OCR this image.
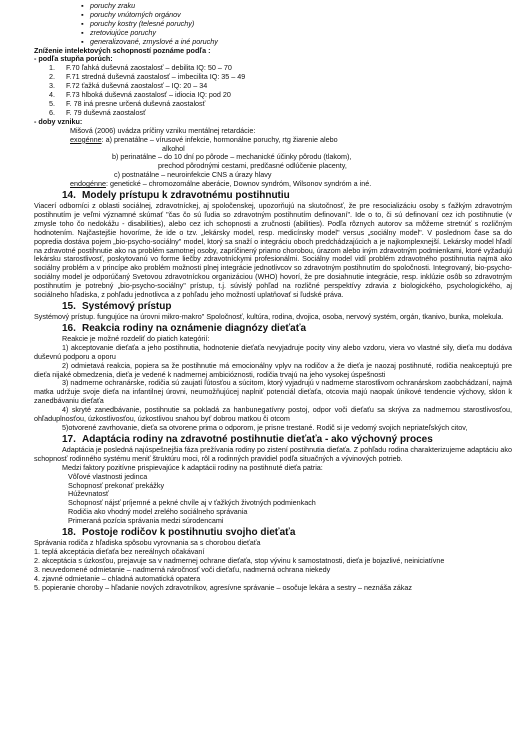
▪ poruchy zraku
▪ poruchy vnútorných orgánov
▪ poruchy kostry (telesné poruchy)
▪ zretoviujúce poruchy
▪ generalizované, zmyslové a iné poruchy

Zníženie intelektových schopností poznáme podľa :

- podľa stupňa porúch:

1.	F.70 ľahká duševná zaostalosť – debilita IQ: 50 – 70
2.	F.71 stredná duševná zaostalosť – imbecilita IQ: 35 – 49
3.	F.72 ťažká duševná zaostalosť – IQ: 20 – 34
4.	F.73 hlboká duševná zaostalosť – idiocia IQ: pod 20
5.	F. 78 iná presne určená duševná zaostalosť
6.	F. 79 duševná zaostalosť

- doby vzniku:

Mišová (2006) uvádza príčiny vzniku mentálnej retardácie:

exogénne: a) prenatálne – vírusové infekcie, hormonálne poruchy, rtg žiarenie alebo

alkohol

b) perinatálne – do 10 dní po pôrode – mechanické účinky pôrodu (tlakom),

prechod pôrodnými cestami, predčasné odlúčenie placenty,

c) postnatálne – neuroinfekcie CNS a úrazy hlavy

endogénne: genetické – chromozomálne aberácie, Downov syndróm, Wilsonov syndróm a iné.

14. Modely prístupu k zdravotnému postihnutiu

Viacerí odborníci z oblasti sociálnej, zdravotníckej, aj spoločenskej, upozorňujú na skutočnosť, že pre resocializáciu osoby s ťažkým zdravotným postihnutím je veľmi významné skúmať "čas čo sú ľudia so zdravotným postihnutím definovaní". Ide o to, či sú definovaní cez ich postihnutie (v zmysle toho čo nedokážu - disabilities), alebo cez ich schopnosti a zručnosti (abilities). Podľa rôznych autorov sa môžeme stretnúť s rozličným hodnotením. Najčastejšie hovoríme, že ide o tzv. „lekársky model, resp. medicínsky model" versus „sociálny model". V poslednom čase sa do popredia dostáva pojem „bio-psycho-sociálny" model, ktorý sa snaží o integráciu oboch predchádzajúcich a je najkomplexnejší. Lekársky model hľadí na zdravotné postihnutie ako na problém samotnej osoby, zapríčinený priamo chorobou, úrazom alebo iným zdravotným podmienkami, ktoré vyžadujú lekársku starostlivosť, poskytovanú vo forme liečby zdravotníckymi profesionálmi. Sociálny model vidí problém zdravotného postihnutia najmä ako sociálny problém a v princípe ako problém možnosti plnej integrácie jednotlivcov so zdravotným postihnutím do spoločnosti. Integrovaný, bio-psycho-sociálny model je odporúčaný Svetovou zdravotníckou organizáciou (WHO) hovorí, že pre dosiahnutie integrácie, resp. inklúzie osôb so zdravotným postihnutím je potrebný „bio-psycho-sociálny" prístup, t.j. súvislý pohľad na rozličné perspektívy zdravia z biologického, psychologického, aj sociálneho hľadiska, z pohľadu jednotlivca a z pohľadu jeho možností uplatňovať si ľudské práva.

15. Systémový prístup

Systémový prístup. fungujúce na úrovni mikro-makro" Spoločnosť, kultúra, rodina, dvojica, osoba, nervový systém, orgán, tkanivo, bunka, molekula.

16. Reakcia rodiny na oznámenie diagnózy dieťaťa

Reakcie je možné rozdeliť do piatich kategórií:

1) akceptovanie dieťaťa a jeho postihnutia, hodnotenie dieťaťa nevyjadruje pocity viny alebo vzdoru, viera vo vlastné sily, dieťa mu dodáva duševnú podporu a oporu

2) odmietavá reakcia, popiera sa že postihnutie má emocionálny vplyv na rodičov a že dieťa je naozaj postihnuté, rodičia neakceptujú pre dieťa nijaké obmedzenia, dieťa je vedené k nadmernej ambicióznosti, rodičia trvajú na jeho vysokej úspešnosti

3) nadmerne ochranárske, rodičia sú zaujatí ľútosťou a súcitom, ktorý vyjadrujú v nadmerne starostlivom ochranárskom zaobchádzaní, najmä matka udržuje svoje dieťa na infantilnej úrovni, neumožňujúcej naplniť potenciál dieťaťa, otcovia majú naopak únikové tendencie výchovy, sklon k zanedbávaniu dieťaťa

4) skryté zanedbávanie, postihnutie sa pokladá za hanbunegatívny postoj, odpor voči dieťaťu sa skrýva za nadmernou starostlivosťou, ohľaduplnosťou, úzkostlivosťou, úzkostlivou snahou byť dobrou matkou či otcom

5)otvorené zavrhovanie, dieťa sa otvorene prima o odporom, je prisne trestané. Rodič si je vedomý svojich nepriateľských citov,

17. Adaptácia rodiny na zdravotné postihnutie dieťaťa - ako výchovný proces

Adaptácia je posledná najúspešnejšia fáza prežívania rodiny po zistení postihnutia dieťaťa. Z pohľadu rodina charakterizujeme adaptáciu ako schopnosť rodinného systému meniť štruktúru moci, rôl a rodinných pravidiel podľa situačných a vývinových potrieb.

Medzi faktory pozitívne prispievajúce k adaptácii rodiny na postihnuté dieťa patria:

Vôľové vlastnosti jedinca
Schopnosť prekonať prekážky
Húževnatosť
Schopnosť nájsť príjemné a pekné chvíle aj v ťažkých životných podmienkach
Rodičia ako vhodný model zrelého sociálneho správania
Primeraná pozícia správania medzi súrodencami

18. Postoje rodičov k postihnutiu svojho dieťaťa

Správania rodiča z hľadiska spôsobu vyrovnania sa s chorobou dieťaťa

1. teplá akceptácia dieťaťa bez nereálnych očakávaní
2. akceptácia s úzkosťou, prejavuje sa v nadmernej ochrane dieťaťa, stop vývinu k samostatnosti, dieťa je bojazlivé, neiniciatívne
3. neuvedomené odmietanie – nadmerná náročnosť voči dieťaťu, nadmerná ochrana niekedy
4. zjavné odmietanie – chladná automatická opatera
5. popieranie choroby – hľadanie nových zdravotníkov, agresívne správanie – osočuje lekára a sestry – neznáša zákaz
